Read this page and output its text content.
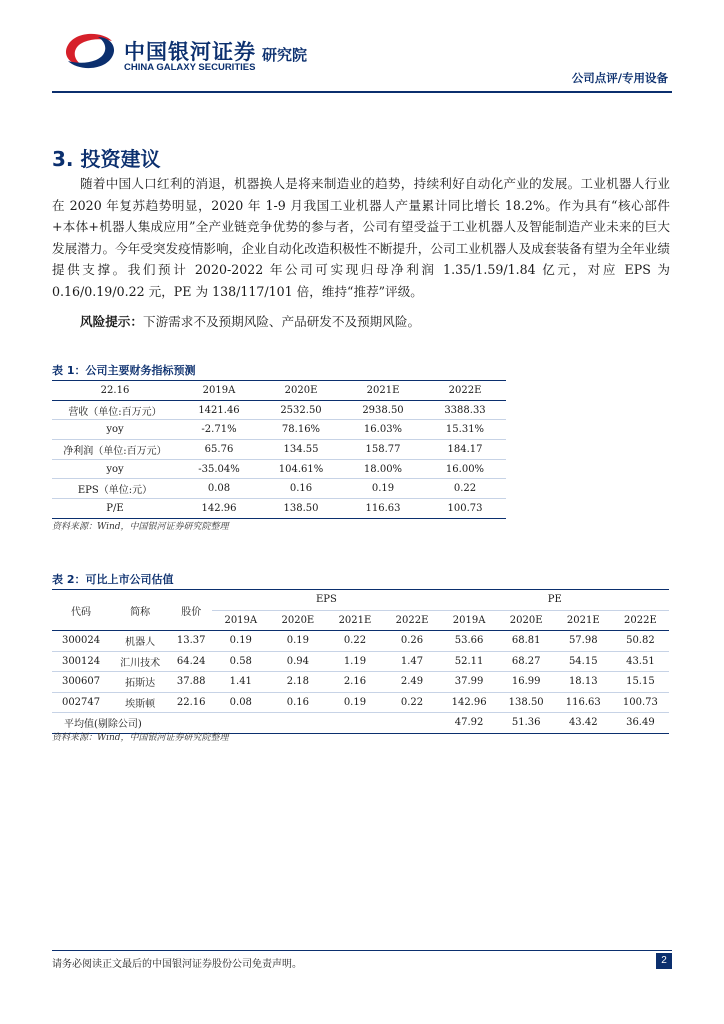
中国银河证券
CHINA GALAXY SECURITIES
研究院
公司点评/专用设备
3. 投资建议
随着中国人口红利的消退，机器换人是将来制造业的趋势，持续利好自动化产业的发展。工业机器人行业在 2020 年复苏趋势明显，2020 年 1-9 月我国工业机器人产量累计同比增长 18.2%。作为具有“核心部件+本体+机器人集成应用”全产业链竞争优势的参与者，公司有望受益于工业机器人及智能制造产业未来的巨大发展潜力。今年受突发疫情影响，企业自动化改造积极性不断提升，公司工业机器人及成套装备有望为全年业绩提供支撑。我们预计 2020-2022 年公司可实现归母净利润 1.35/1.59/1.84 亿元，对应 EPS 为 0.16/0.19/0.22 元，PE 为 138/117/101 倍，维持“推荐”评级。
风险提示：下游需求不及预期风险、产品研发不及预期风险。
表 1：公司主要财务指标预测
22.16	2019A	2020E	2021E	2022E
营收（单位:百万元）	1421.46	2532.50	2938.50	3388.33
yoy	-2.71%	78.16%	16.03%	15.31%
净利润（单位:百万元）	65.76	134.55	158.77	184.17
yoy	-35.04%	104.61%	18.00%	16.00%
EPS（单位:元）	0.08	0.16	0.19	0.22
P/E	142.96	138.50	116.63	100.73
资料来源：Wind，中国银河证券研究院整理
表 2：可比上市公司估值
代码	简称	股价	EPS				PE			
			2019A	2020E	2021E	2022E	2019A	2020E	2021E	2022E
300024	机器人	13.37	0.19	0.19	0.22	0.26	53.66	68.81	57.98	50.82
300124	汇川技术	64.24	0.58	0.94	1.19	1.47	52.11	68.27	54.15	43.51
300607	拓斯达	37.88	1.41	2.18	2.16	2.49	37.99	16.99	18.13	15.15
002747	埃斯顿	22.16	0.08	0.16	0.19	0.22	142.96	138.50	116.63	100.73
平均值(剔除公司)							47.92	51.36	43.42	36.49
资料来源：Wind，中国银河证券研究院整理
请务必阅读正文最后的中国银河证券股份公司免责声明。	2
